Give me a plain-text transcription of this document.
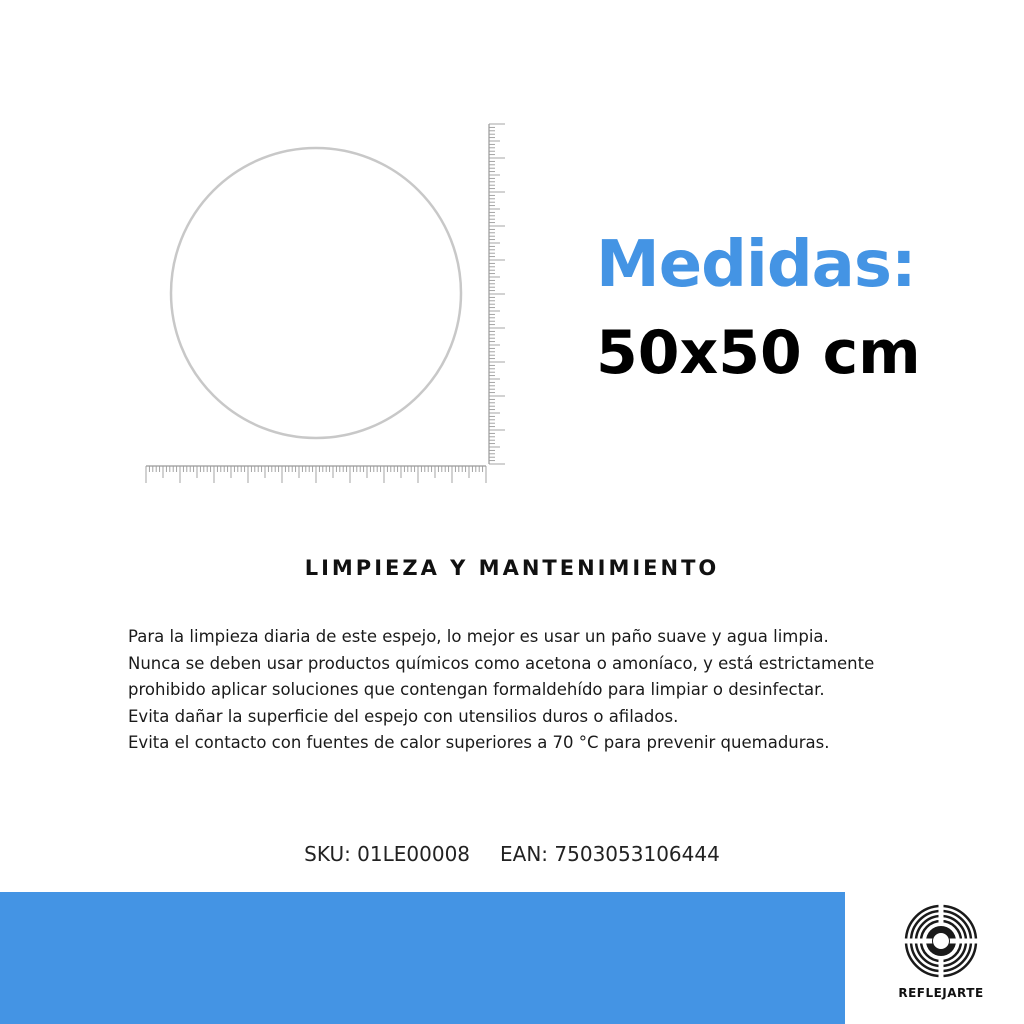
Medidas:
50x50 cm
LIMPIEZA Y MANTENIMIENTO
Para la limpieza diaria de este espejo, lo mejor es usar un paño suave y agua limpia.
Nunca se deben usar productos químicos como acetona o amoníaco, y está estrictamente
prohibido aplicar soluciones que contengan formaldehído para limpiar o desinfectar.
Evita dañar la superficie del espejo con utensilios duros o afilados.
Evita el contacto con fuentes de calor superiores a 70 °C para prevenir quemaduras.
SKU: 01LE00008 EAN: 7503053106444
REFLEJARTE
